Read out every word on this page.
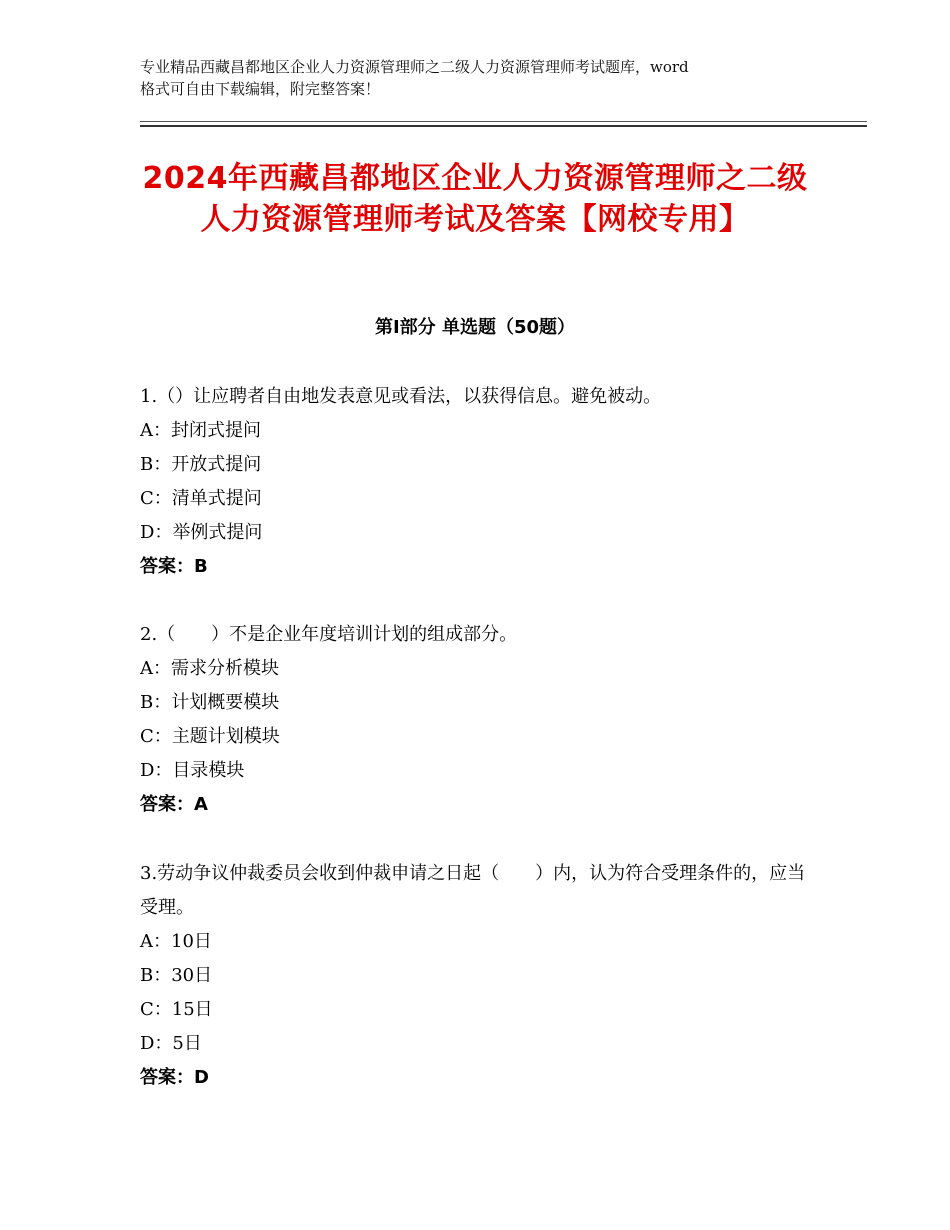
专业精品西藏昌都地区企业人力资源管理师之二级人力资源管理师考试题库，word
格式可自由下载编辑，附完整答案！
2024年西藏昌都地区企业人力资源管理师之二级人力资源管理师考试及答案【网校专用】
第Ⅰ部分 单选题（50题）

1.（）让应聘者自由地发表意见或看法，以获得信息。避免被动。

A：封闭式提问

B：开放式提问

C：清单式提问

D：举例式提问

答案：B

2.（　　）不是企业年度培训计划的组成部分。

A：需求分析模块

B：计划概要模块

C：主题计划模块

D：目录模块

答案：A

3.劳动争议仲裁委员会收到仲裁申请之日起（　　）内，认为符合受理条件的，应当受理。

A：10日

B：30日

C：15日

D：5日

答案：D
